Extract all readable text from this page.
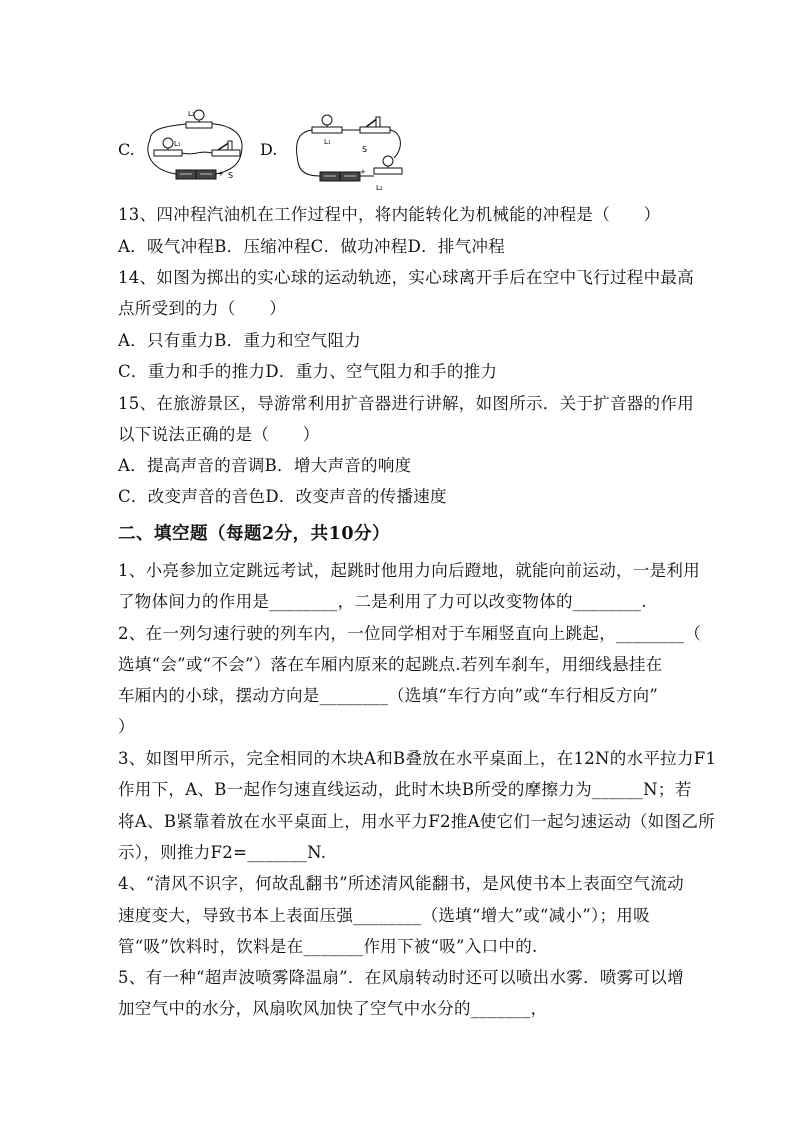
C.
L₂
L₁
+ S
D.	L₁
S
+
L₂
13、四冲程汽油机在工作过程中，将内能转化为机械能的冲程是（　　）
A．吸气冲程B．压缩冲程C．做功冲程D．排气冲程
14、如图为掷出的实心球的运动轨迹，实心球离开手后在空中飞行过程中最高
点所受到的力（　　）
A．只有重力B．重力和空气阻力
C．重力和手的推力D．重力、空气阻力和手的推力
15、在旅游景区，导游常利用扩音器进行讲解，如图所示．关于扩音器的作用
以下说法正确的是（　　）
A．提高声音的音调B．增大声音的响度
C．改变声音的音色D．改变声音的传播速度
二、填空题（每题2分，共10分）
1、小亮参加立定跳远考试，起跳时他用力向后蹬地，就能向前运动，一是利用
了物体间力的作用是________，二是利用了力可以改变物体的________.
2、在一列匀速行驶的列车内，一位同学相对于车厢竖直向上跳起，________（
选填“会”或“不会”）落在车厢内原来的起跳点.若列车刹车，用细线悬挂在
车厢内的小球，摆动方向是________（选填“车行方向”或“车行相反方向”
）
3、如图甲所示，完全相同的木块A和B叠放在水平桌面上，在12N的水平拉力F1
作用下，A、B一起作匀速直线运动，此时木块B所受的摩擦力为______N；若
将A、B紧靠着放在水平桌面上，用水平力F2推A使它们一起匀速运动（如图乙所
示），则推力F2=_______N.
4、“清风不识字，何故乱翻书”所述清风能翻书，是风使书本上表面空气流动
速度变大，导致书本上表面压强________（选填“增大”或“减小”）；用吸
管“吸”饮料时，饮料是在_______作用下被“吸”入口中的.
5、有一种“超声波喷雾降温扇”．在风扇转动时还可以喷出水雾．喷雾可以增
加空气中的水分，风扇吹风加快了空气中水分的_______，
